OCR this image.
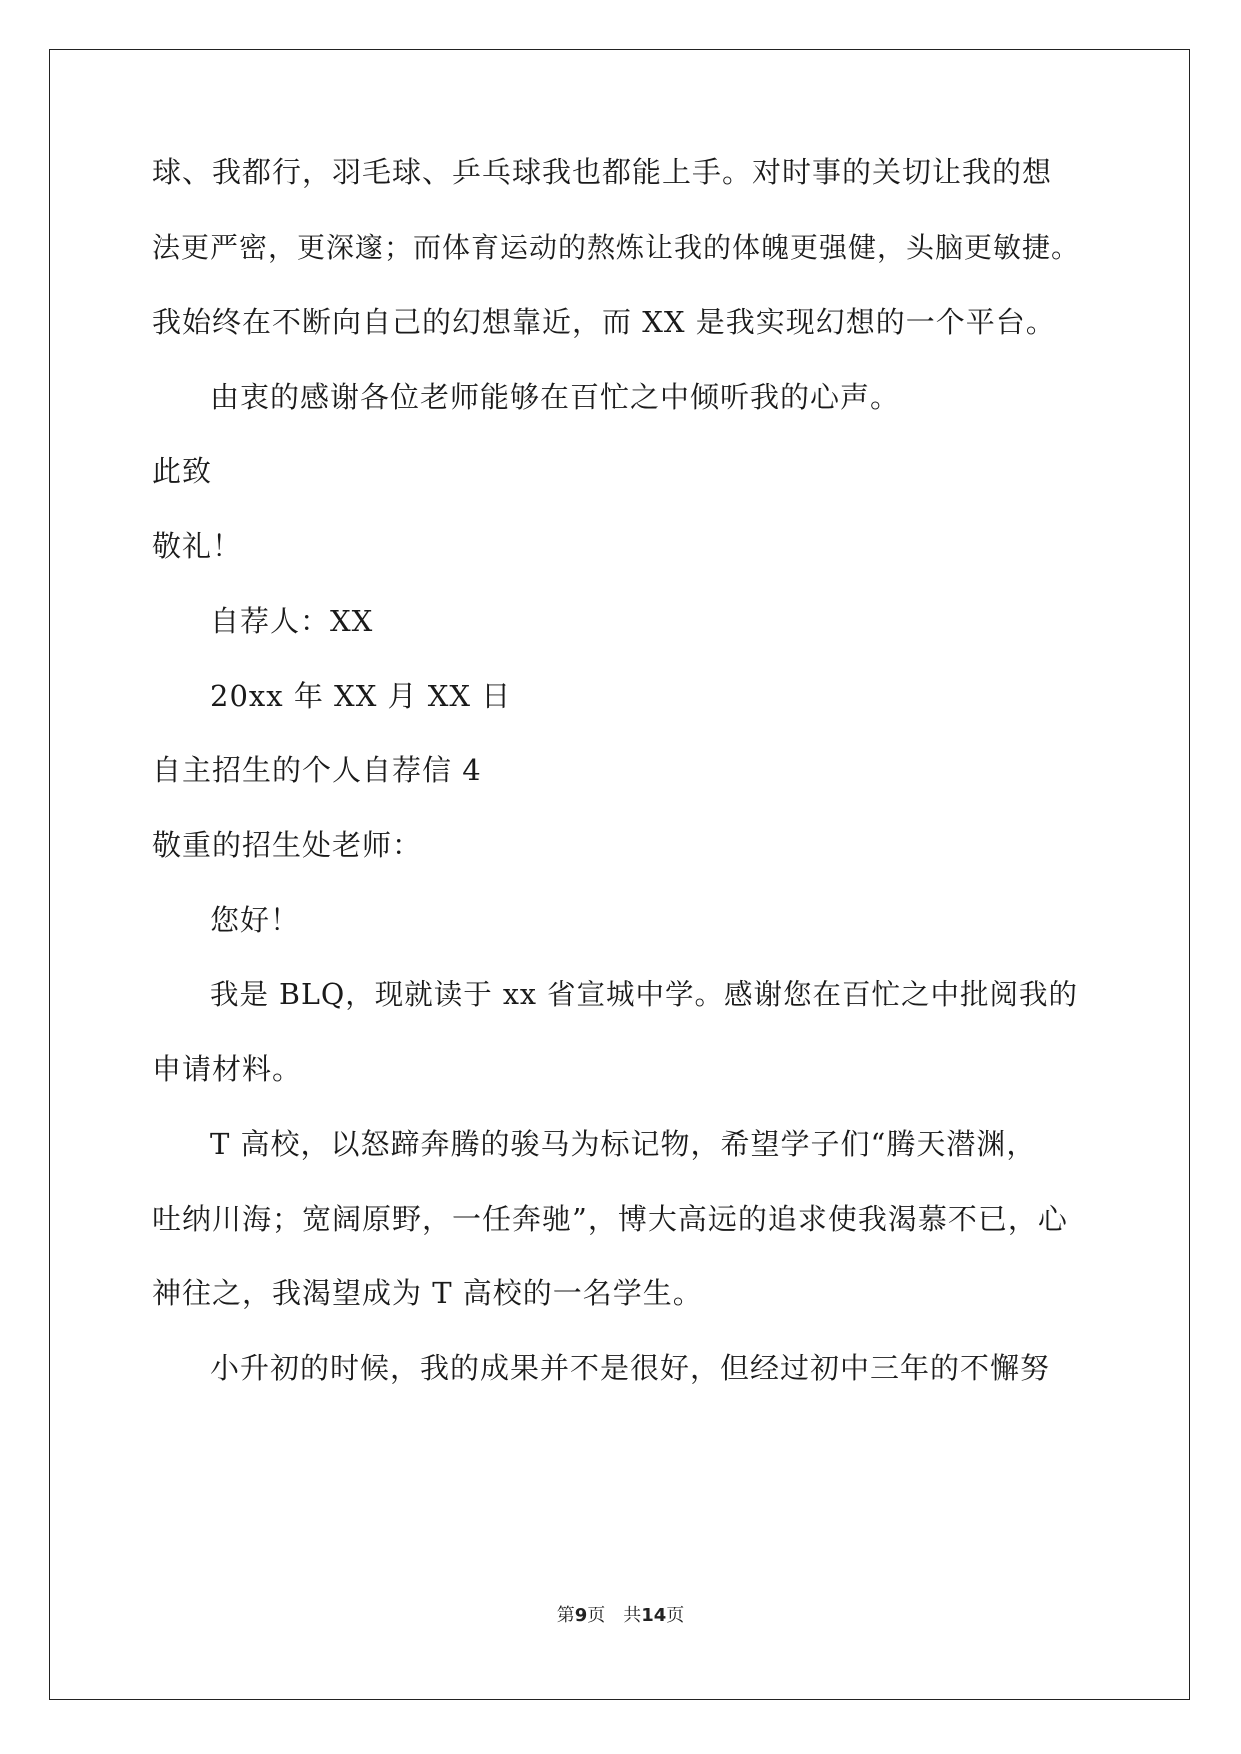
球、我都行，羽毛球、乒乓球我也都能上手。对时事的关切让我的想
法更严密，更深邃；而体育运动的熬炼让我的体魄更强健，头脑更敏捷。
我始终在不断向自己的幻想靠近，而 XX 是我实现幻想的一个平台。
由衷的感谢各位老师能够在百忙之中倾听我的心声。
此致
敬礼！
自荐人：XX
20xx 年 XX 月 XX 日
自主招生的个人自荐信 4
敬重的招生处老师：
您好！
我是 BLQ，现就读于 xx 省宣城中学。感谢您在百忙之中批阅我的
申请材料。
T 高校，以怒蹄奔腾的骏马为标记物，希望学子们“腾天潜渊，
吐纳川海；宽阔原野，一任奔驰”，博大高远的追求使我渴慕不已，心
神往之，我渴望成为 T 高校的一名学生。
小升初的时候，我的成果并不是很好，但经过初中三年的不懈努
第9页　共14页
